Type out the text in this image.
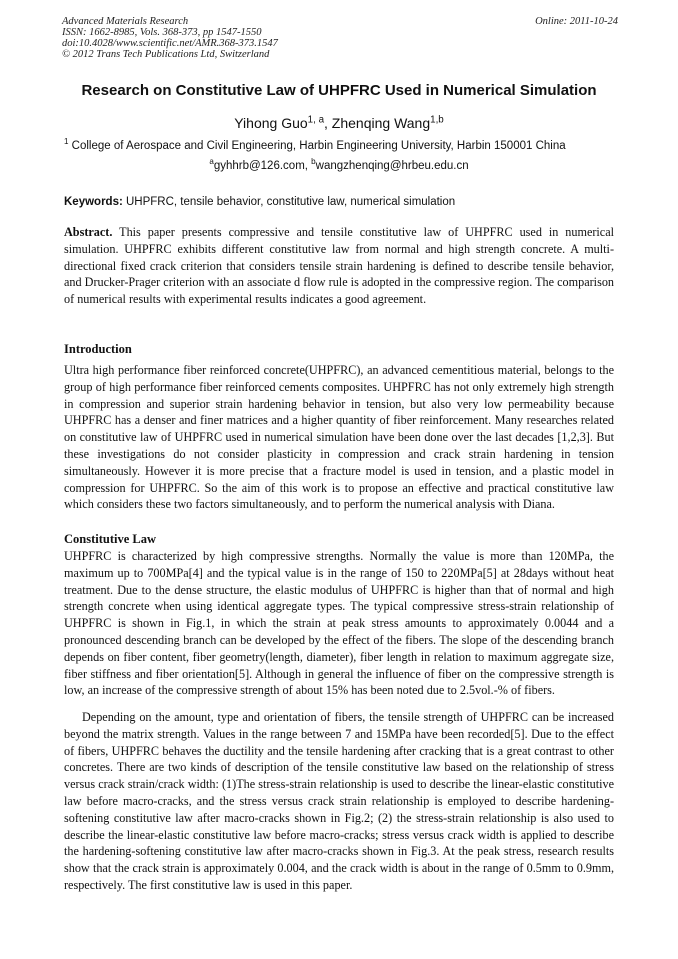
Advanced Materials Research
ISSN: 1662-8985, Vols. 368-373, pp 1547-1550
doi:10.4028/www.scientific.net/AMR.368-373.1547
© 2012 Trans Tech Publications Ltd, Switzerland
Online: 2011-10-24
Research on Constitutive Law of UHPFRC Used in Numerical Simulation
Yihong Guo$^{1, a}$, Zhenqing Wang$^{1,b}$
$^1$ College of Aerospace and Civil Engineering, Harbin Engineering University, Harbin 150001 China
$^a$gyhhrb@126.com, $^b$wangzhenqing@hrbeu.edu.cn
Keywords: UHPFRC, tensile behavior, constitutive law, numerical simulation

Abstract. This paper presents compressive and tensile constitutive law of UHPFRC used in numerical simulation. UHPFRC exhibits different constitutive law from normal and high strength concrete. A multi-directional fixed crack criterion that considers tensile strain hardening is defined to describe tensile behavior, and Drucker-Prager criterion with an associate d flow rule is adopted in the compressive region. The comparison of numerical results with experimental results indicates a good agreement.

Introduction

Ultra high performance fiber reinforced concrete(UHPFRC), an advanced cementitious material, belongs to the group of high performance fiber reinforced cements composites. UHPFRC has not only extremely high strength in compression and superior strain hardening behavior in tension, but also very low permeability because UHPFRC has a denser and finer matrices and a higher quantity of fiber reinforcement. Many researches related on constitutive law of UHPFRC used in numerical simulation have been done over the last decades [1,2,3]. But these investigations do not consider plasticity in compression and crack strain hardening in tension simultaneously. However it is more precise that a fracture model is used in tension, and a plastic model in compression for UHPFRC. So the aim of this work is to propose an effective and practical constitutive law which considers these two factors simultaneously, and to perform the numerical analysis with Diana.

Constitutive Law

UHPFRC is characterized by high compressive strengths. Normally the value is more than 120MPa, the maximum up to 700MPa[4] and the typical value is in the range of 150 to 220MPa[5] at 28days without heat treatment. Due to the dense structure, the elastic modulus of UHPFRC is higher than that of normal and high strength concrete when using identical aggregate types. The typical compressive stress-strain relationship of UHPFRC is shown in Fig.1, in which the strain at peak stress amounts to approximately 0.0044 and a pronounced descending branch can be developed by the effect of the fibers. The slope of the descending branch depends on fiber content, fiber geometry(length, diameter), fiber length in relation to maximum aggregate size, fiber stiffness and fiber orientation[5]. Although in general the influence of fiber on the compressive strength is low, an increase of the compressive strength of about 15% has been noted due to 2.5vol.-% of fibers.

Depending on the amount, type and orientation of fibers, the tensile strength of UHPFRC can be increased beyond the matrix strength. Values in the range between 7 and 15MPa have been recorded[5]. Due to the effect of fibers, UHPFRC behaves the ductility and the tensile hardening after cracking that is a great contrast to other concretes. There are two kinds of description of the tensile constitutive law based on the relationship of stress versus crack strain/crack width: (1)The stress-strain relationship is used to describe the linear-elastic constitutive law before macro-cracks, and the stress versus crack strain relationship is employed to describe hardening-softening constitutive law after macro-cracks shown in Fig.2; (2) the stress-strain relationship is also used to describe the linear-elastic constitutive law before macro-cracks; stress versus crack width is applied to describe the hardening-softening constitutive law after macro-cracks shown in Fig.3. At the peak stress, research results show that the crack strain is approximately 0.004, and the crack width is about in the range of 0.5mm to 0.9mm, respectively. The first constitutive law is used in this paper.
